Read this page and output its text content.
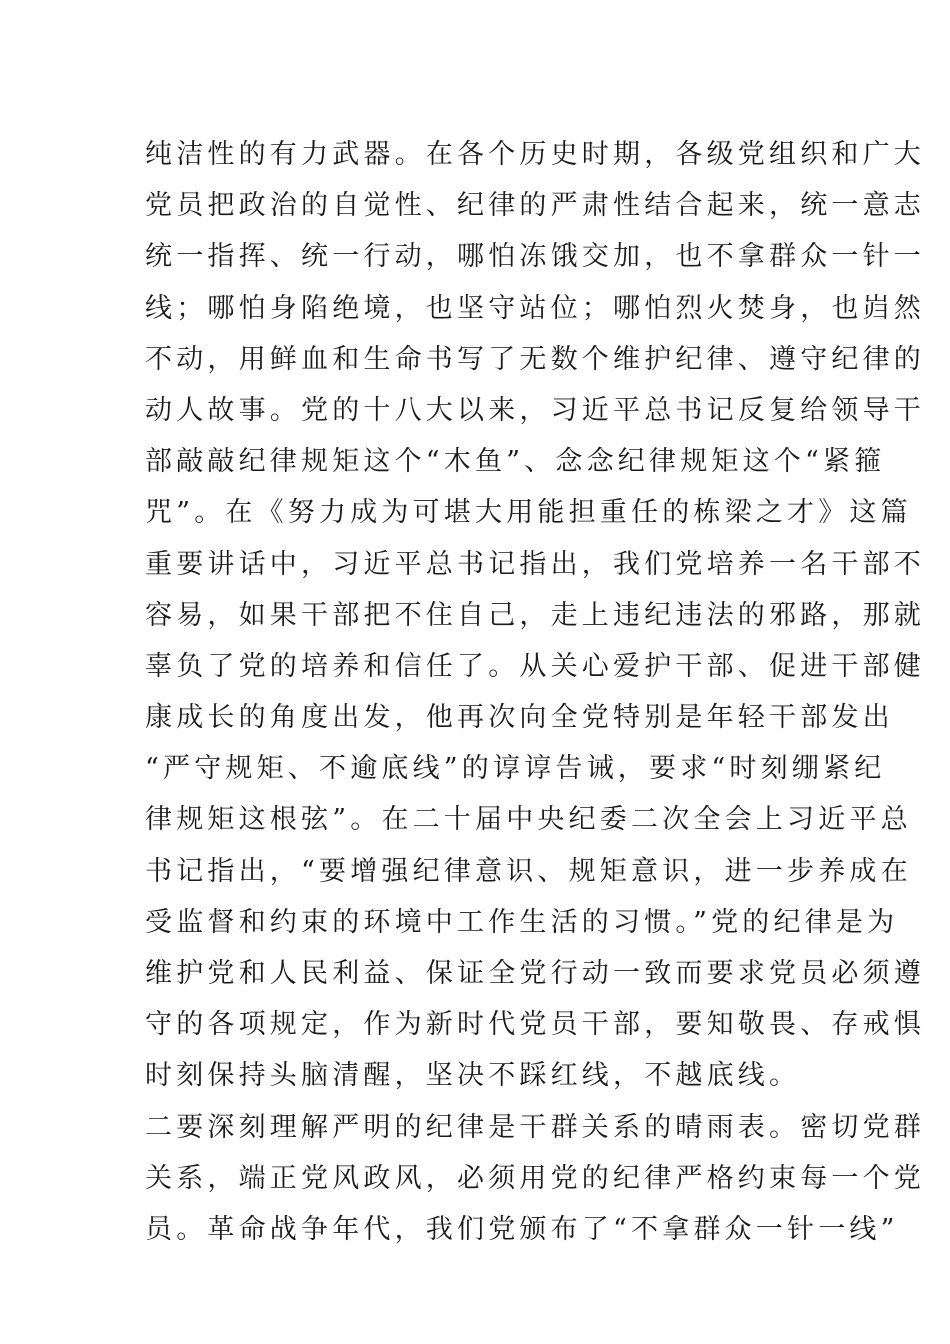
纯洁性的有力武器。在各个历史时期，各级党组织和广大
党员把政治的自觉性、纪律的严肃性结合起来，统一意志
统一指挥、统一行动，哪怕冻饿交加，也不拿群众一针一
线；哪怕身陷绝境，也坚守站位；哪怕烈火焚身，也岿然
不动，用鲜血和生命书写了无数个维护纪律、遵守纪律的
动人故事。党的十八大以来，习近平总书记反复给领导干
部敲敲纪律规矩这个“木鱼”、念念纪律规矩这个“紧箍
咒”。在《努力成为可堪大用能担重任的栋梁之才》这篇
重要讲话中，习近平总书记指出，我们党培养一名干部不
容易，如果干部把不住自己，走上违纪违法的邪路，那就
辜负了党的培养和信任了。从关心爱护干部、促进干部健
康成长的角度出发，他再次向全党特别是年轻干部发出
“严守规矩、不逾底线”的谆谆告诫，要求“时刻绷紧纪
律规矩这根弦”。在二十届中央纪委二次全会上习近平总
书记指出，“要增强纪律意识、规矩意识，进一步养成在
受监督和约束的环境中工作生活的习惯。”党的纪律是为
维护党和人民利益、保证全党行动一致而要求党员必须遵
守的各项规定，作为新时代党员干部，要知敬畏、存戒惧
时刻保持头脑清醒，坚决不踩红线，不越底线。
二要深刻理解严明的纪律是干群关系的晴雨表。密切党群
关系，端正党风政风，必须用党的纪律严格约束每一个党
员。革命战争年代，我们党颁布了“不拿群众一针一线”
